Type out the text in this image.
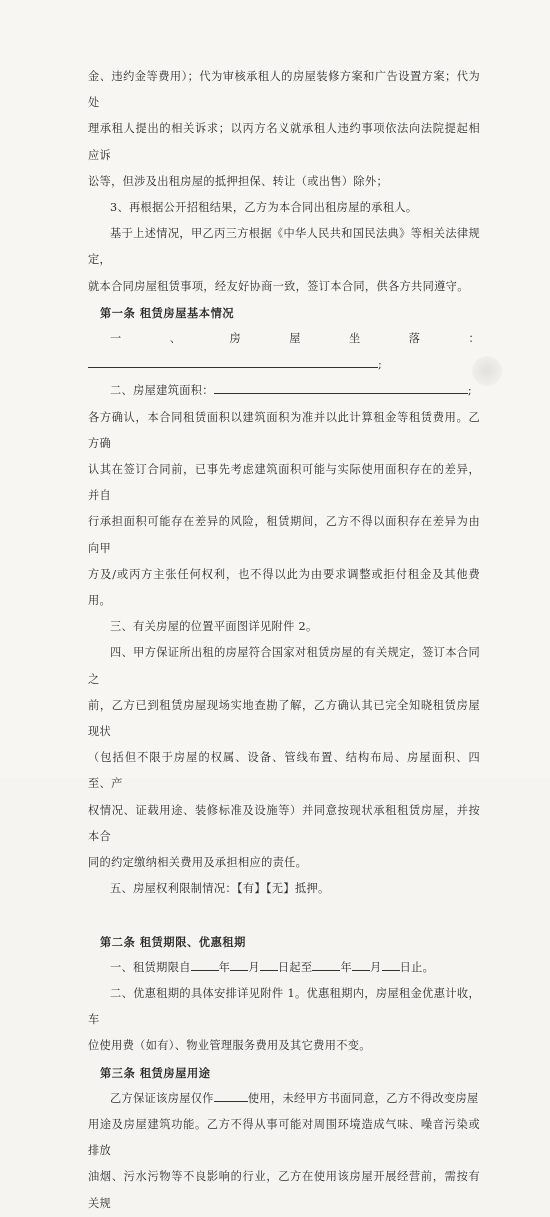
金、违约金等费用）；代为审核承租人的房屋装修方案和广告设置方案；代为处

理承租人提出的相关诉求；以丙方名义就承租人违约事项依法向法院提起相应诉

讼等，但涉及出租房屋的抵押担保、转让（或出售）除外；

3、再根据公开招租结果，乙方为本合同出租房屋的承租人。

基于上述情况，甲乙丙三方根据《中华人民共和国民法典》等相关法律规定，

就本合同房屋租赁事项，经友好协商一致，签订本合同，供各方共同遵守。

第一条 租赁房屋基本情况

一、房屋坐落：;

二、房屋建筑面积：	;

各方确认，本合同租赁面积以建筑面积为准并以此计算租金等租赁费用。乙方确

认其在签订合同前，已事先考虑建筑面积可能与实际使用面积存在的差异，并自

行承担面积可能存在差异的风险，租赁期间，乙方不得以面积存在差异为由向甲

方及/或丙方主张任何权利，也不得以此为由要求调整或拒付租金及其他费用。

三、有关房屋的位置平面图详见附件 2。

四、甲方保证所出租的房屋符合国家对租赁房屋的有关规定，签订本合同之

前，乙方已到租赁房屋现场实地查勘了解，乙方确认其已完全知晓租赁房屋现状

（包括但不限于房屋的权属、设备、管线布置、结构布局、房屋面积、四至、产

权情况、证载用途、装修标准及设施等）并同意按现状承租租赁房屋，并按本合

同的约定缴纳相关费用及承担相应的责任。

五、房屋权利限制情况：【有】【无】抵押。

第二条 租赁期限、优惠租期

一、租赁期限自	年 月 日起至	年 月 日止。

二、优惠租期的具体安排详见附件 1。优惠租期内，房屋租金优惠计收，车

位使用费（如有）、物业管理服务费用及其它费用不变。

第三条 租赁房屋用途

乙方保证该房屋仅作	使用，未经甲方书面同意，乙方不得改变房屋

用途及房屋建筑功能。乙方不得从事可能对周围环境造成气味、噪音污染或排放

油烟、污水污物等不良影响的行业，乙方在使用该房屋开展经营前，需按有关规
